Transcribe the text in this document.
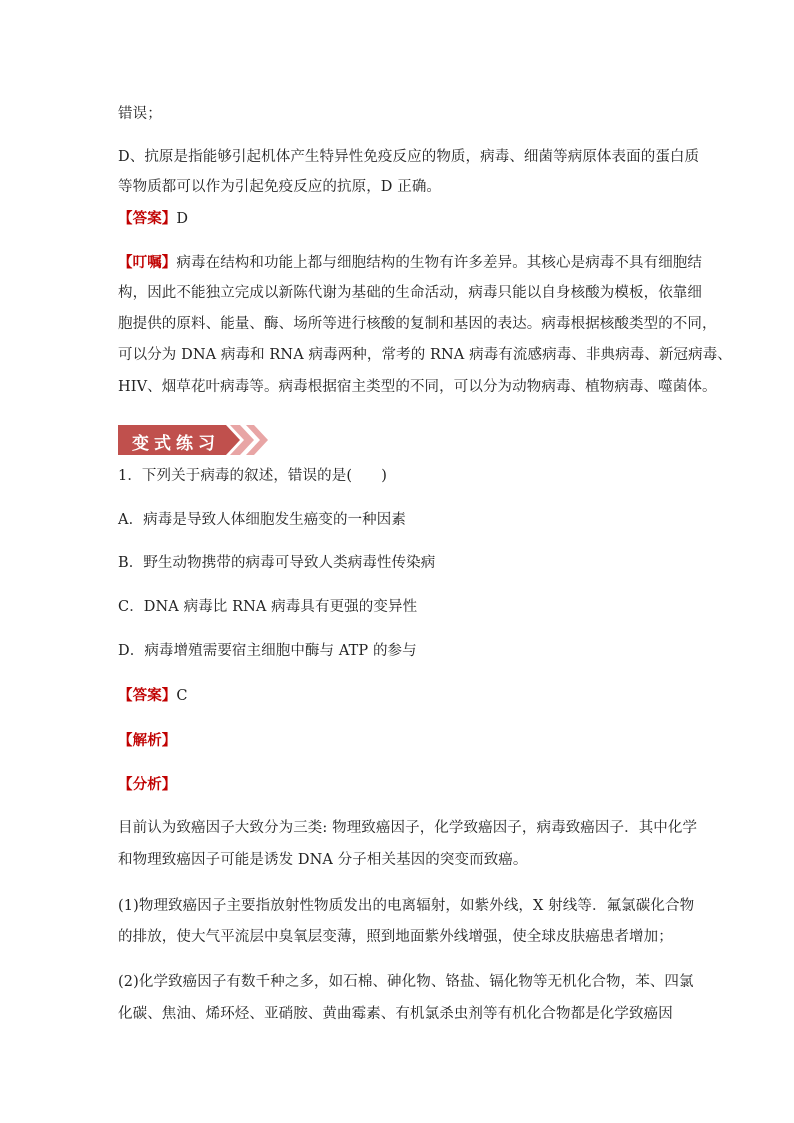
错误；
D、抗原是指能够引起机体产生特异性免疫反应的物质，病毒、细菌等病原体表面的蛋白质
等物质都可以作为引起免疫反应的抗原，D 正确。
【答案】D
【叮嘱】病毒在结构和功能上都与细胞结构的生物有许多差异。其核心是病毒不具有细胞结
构，因此不能独立完成以新陈代谢为基础的生命活动，病毒只能以自身核酸为模板，依靠细
胞提供的原料、能量、酶、场所等进行核酸的复制和基因的表达。病毒根据核酸类型的不同，
可以分为 DNA 病毒和 RNA 病毒两种，常考的 RNA 病毒有流感病毒、非典病毒、新冠病毒、
HIV、烟草花叶病毒等。病毒根据宿主类型的不同，可以分为动物病毒、植物病毒、噬菌体。
变式练习
1．下列关于病毒的叙述，错误的是(　　)
A．病毒是导致人体细胞发生癌变的一种因素
B．野生动物携带的病毒可导致人类病毒性传染病
C．DNA 病毒比 RNA 病毒具有更强的变异性
D．病毒增殖需要宿主细胞中酶与 ATP 的参与
【答案】C
【解析】
【分析】
目前认为致癌因子大致分为三类: 物理致癌因子，化学致癌因子，病毒致癌因子．其中化学
和物理致癌因子可能是诱发 DNA 分子相关基因的突变而致癌。
(1)物理致癌因子主要指放射性物质发出的电离辐射，如紫外线，X 射线等．氟氯碳化合物
的排放，使大气平流层中臭氧层变薄，照到地面紫外线增强，使全球皮肤癌患者增加；
(2)化学致癌因子有数千种之多，如石棉、砷化物、铬盐、镉化物等无机化合物，苯、四氯
化碳、焦油、烯环烃、亚硝胺、黄曲霉素、有机氯杀虫剂等有机化合物都是化学致癌因
